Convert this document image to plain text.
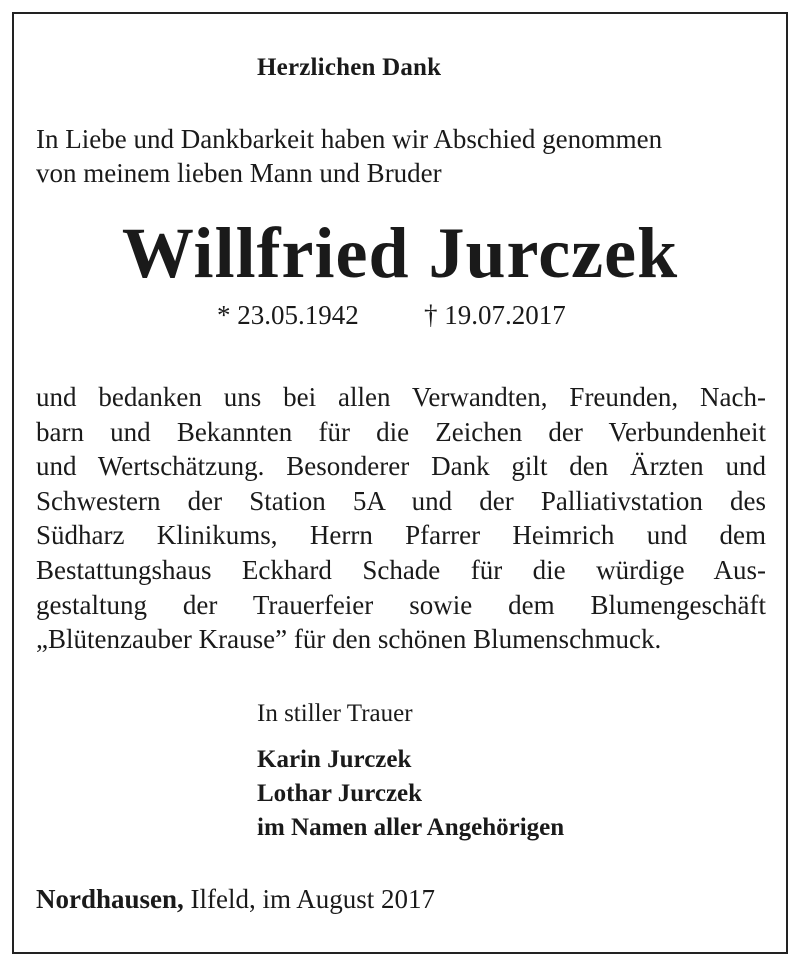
Herzlichen Dank
In Liebe und Dankbarkeit haben wir Abschied genommen
von meinem lieben Mann und Bruder
Willfried Jurczek
* 23.05.1942 † 19.07.2017
und bedanken uns bei allen Verwandten, Freunden, Nach-
barn und Bekannten für die Zeichen der Verbundenheit
und Wertschätzung. Besonderer Dank gilt den Ärzten und
Schwestern der Station 5A und der Palliativstation des
Südharz Klinikums, Herrn Pfarrer Heimrich und dem
Bestattungshaus Eckhard Schade für die würdige Aus-
gestaltung der Trauerfeier sowie dem Blumengeschäft
„Blütenzauber Krause” für den schönen Blumenschmuck.
In stiller Trauer
Karin Jurczek
Lothar Jurczek
im Namen aller Angehörigen
Nordhausen, Ilfeld, im August 2017
